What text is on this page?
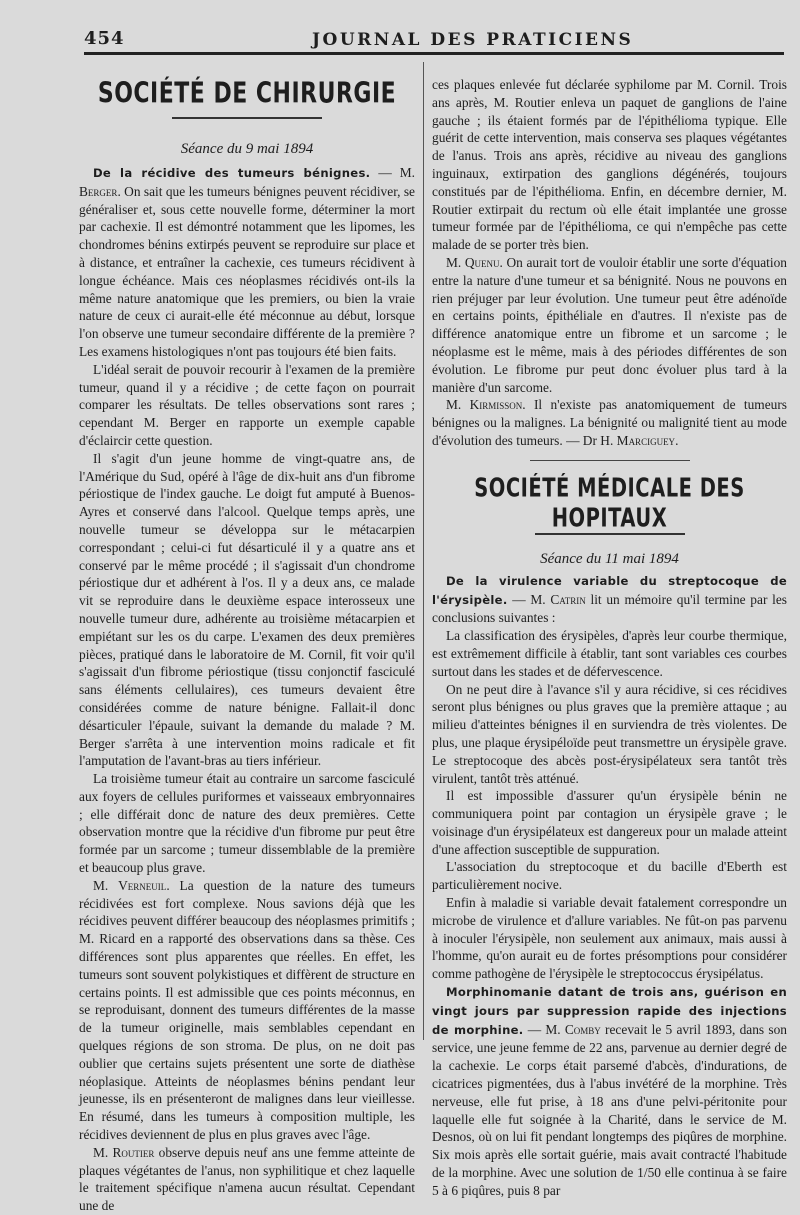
454	JOURNAL DES PRATICIENS
SOCIÉTÉ DE CHIRURGIE
Séance du 9 mai 1894

De la récidive des tumeurs bénignes. — M. Berger. On sait que les tumeurs bénignes peuvent récidiver, se généraliser et, sous cette nouvelle forme, déterminer la mort par cachexie. Il est démontré notamment que les lipomes, les chondromes bénins extirpés peuvent se reproduire sur place et à distance, et entraîner la cachexie, ces tumeurs récidivent à longue échéance. Mais ces néoplasmes récidivés ont-ils la même nature anatomique que les premiers, ou bien la vraie nature de ceux ci aurait-elle été méconnue au début, lorsque l'on observe une tumeur secondaire différente de la première ? Les examens histologiques n'ont pas toujours été bien faits.

L'idéal serait de pouvoir recourir à l'examen de la première tumeur, quand il y a récidive ; de cette façon on pourrait comparer les résultats. De telles observations sont rares ; cependant M. Berger en rapporte un exemple capable d'éclaircir cette question.

Il s'agit d'un jeune homme de vingt-quatre ans, de l'Amérique du Sud, opéré à l'âge de dix-huit ans d'un fibrome périostique de l'index gauche. Le doigt fut amputé à Buenos-Ayres et conservé dans l'alcool. Quelque temps après, une nouvelle tumeur se développa sur le métacarpien correspondant ; celui-ci fut désarticulé il y a quatre ans et conservé par le même procédé ; il s'agissait d'un chondrome périostique dur et adhérent à l'os. Il y a deux ans, ce malade vit se reproduire dans le deuxième espace interosseux une nouvelle tumeur dure, adhérente au troisième métacarpien et empiétant sur les os du carpe. L'examen des deux premières pièces, pratiqué dans le laboratoire de M. Cornil, fit voir qu'il s'agissait d'un fibrome périostique (tissu conjonctif fasciculé sans éléments cellulaires), ces tumeurs devaient être considérées comme de nature bénigne. Fallait-il donc désarticuler l'épaule, suivant la demande du malade ? M. Berger s'arrêta à une intervention moins radicale et fit l'amputation de l'avant-bras au tiers inférieur.

La troisième tumeur était au contraire un sarcome fasciculé aux foyers de cellules puriformes et vaisseaux embryonnaires ; elle différait donc de nature des deux premières. Cette observation montre que la récidive d'un fibrome pur peut être formée par un sarcome ; tumeur dissemblable de la première et beaucoup plus grave.

M. Verneuil. La question de la nature des tumeurs récidivées est fort complexe. Nous savions déjà que les récidives peuvent différer beaucoup des néoplasmes primitifs ; M. Ricard en a rapporté des observations dans sa thèse. Ces différences sont plus apparentes que réelles. En effet, les tumeurs sont souvent polykistiques et diffèrent de structure en certains points. Il est admissible que ces points méconnus, en se reproduisant, donnent des tumeurs différentes de la masse de la tumeur originelle, mais semblables cependant en quelques régions de son stroma. De plus, on ne doit pas oublier que certains sujets présentent une sorte de diathèse néoplasique. Atteints de néoplasmes bénins pendant leur jeunesse, ils en présenteront de malignes dans leur vieillesse. En résumé, dans les tumeurs à composition multiple, les récidives deviennent de plus en plus graves avec l'âge.

M. Routier observe depuis neuf ans une femme atteinte de plaques végétantes de l'anus, non syphilitique et chez laquelle le traitement spécifique n'amena aucun résultat. Cependant une de

ces plaques enlevée fut déclarée syphilome par M. Cornil. Trois ans après, M. Routier enleva un paquet de ganglions de l'aine gauche ; ils étaient formés par de l'épithélioma typique. Elle guérit de cette intervention, mais conserva ses plaques végétantes de l'anus. Trois ans après, récidive au niveau des ganglions inguinaux, extirpation des ganglions dégénérés, toujours constitués par de l'épithélioma. Enfin, en décembre dernier, M. Routier extirpait du rectum où elle était implantée une grosse tumeur formée par de l'épithélioma, ce qui n'empêche pas cette malade de se porter très bien.

M. Quenu. On aurait tort de vouloir établir une sorte d'équation entre la nature d'une tumeur et sa bénignité. Nous ne pouvons en rien préjuger par leur évolution. Une tumeur peut être adénoïde en certains points, épithéliale en d'autres. Il n'existe pas de différence anatomique entre un fibrome et un sarcome ; le néoplasme est le même, mais à des périodes différentes de son évolution. Le fibrome pur peut donc évoluer plus tard à la manière d'un sarcome.

M. Kirmisson. Il n'existe pas anatomiquement de tumeurs bénignes ou la malignes. La bénignité ou malignité tient au mode d'évolution des tumeurs. — Dr H. Marciguey.

SOCIÉTÉ MÉDICALE DES HOPITAUX
Séance du 11 mai 1894

De la virulence variable du streptocoque de l'érysipèle. — M. Catrin lit un mémoire qu'il termine par les conclusions suivantes :

La classification des érysipèles, d'après leur courbe thermique, est extrêmement difficile à établir, tant sont variables ces courbes surtout dans les stades et de défervescence.

On ne peut dire à l'avance s'il y aura récidive, si ces récidives seront plus bénignes ou plus graves que la première attaque ; au milieu d'atteintes bénignes il en surviendra de très violentes. De plus, une plaque érysipéloïde peut transmettre un érysipèle grave. Le streptocoque des abcès post-érysipélateux sera tantôt très virulent, tantôt très atténué.

Il est impossible d'assurer qu'un érysipèle bénin ne communiquera point par contagion un érysipèle grave ; le voisinage d'un érysipélateux est dangereux pour un malade atteint d'une affection susceptible de suppuration.

L'association du streptocoque et du bacille d'Eberth est particulièrement nocive.

Enfin à maladie si variable devait fatalement correspondre un microbe de virulence et d'allure variables. Ne fût-on pas parvenu à inoculer l'érysipèle, non seulement aux animaux, mais aussi à l'homme, qu'on aurait eu de fortes présomptions pour considérer comme pathogène de l'érysipèle le streptococcus érysipélatus.

Morphinomanie datant de trois ans, guérison en vingt jours par suppression rapide des injections de morphine. — M. Comby recevait le 5 avril 1893, dans son service, une jeune femme de 22 ans, parvenue au dernier degré de la cachexie. Le corps était parsemé d'abcès, d'indurations, de cicatrices pigmentées, dus à l'abus invétéré de la morphine. Très nerveuse, elle fut prise, à 18 ans d'une pelvi-péritonite pour laquelle elle fut soignée à la Charité, dans le service de M. Desnos, où on lui fit pendant longtemps des piqûres de morphine. Six mois après elle sortait guérie, mais avait contracté l'habitude de la morphine. Avec une solution de 1/50 elle continua à se faire 5 à 6 piqûres, puis 8 par
